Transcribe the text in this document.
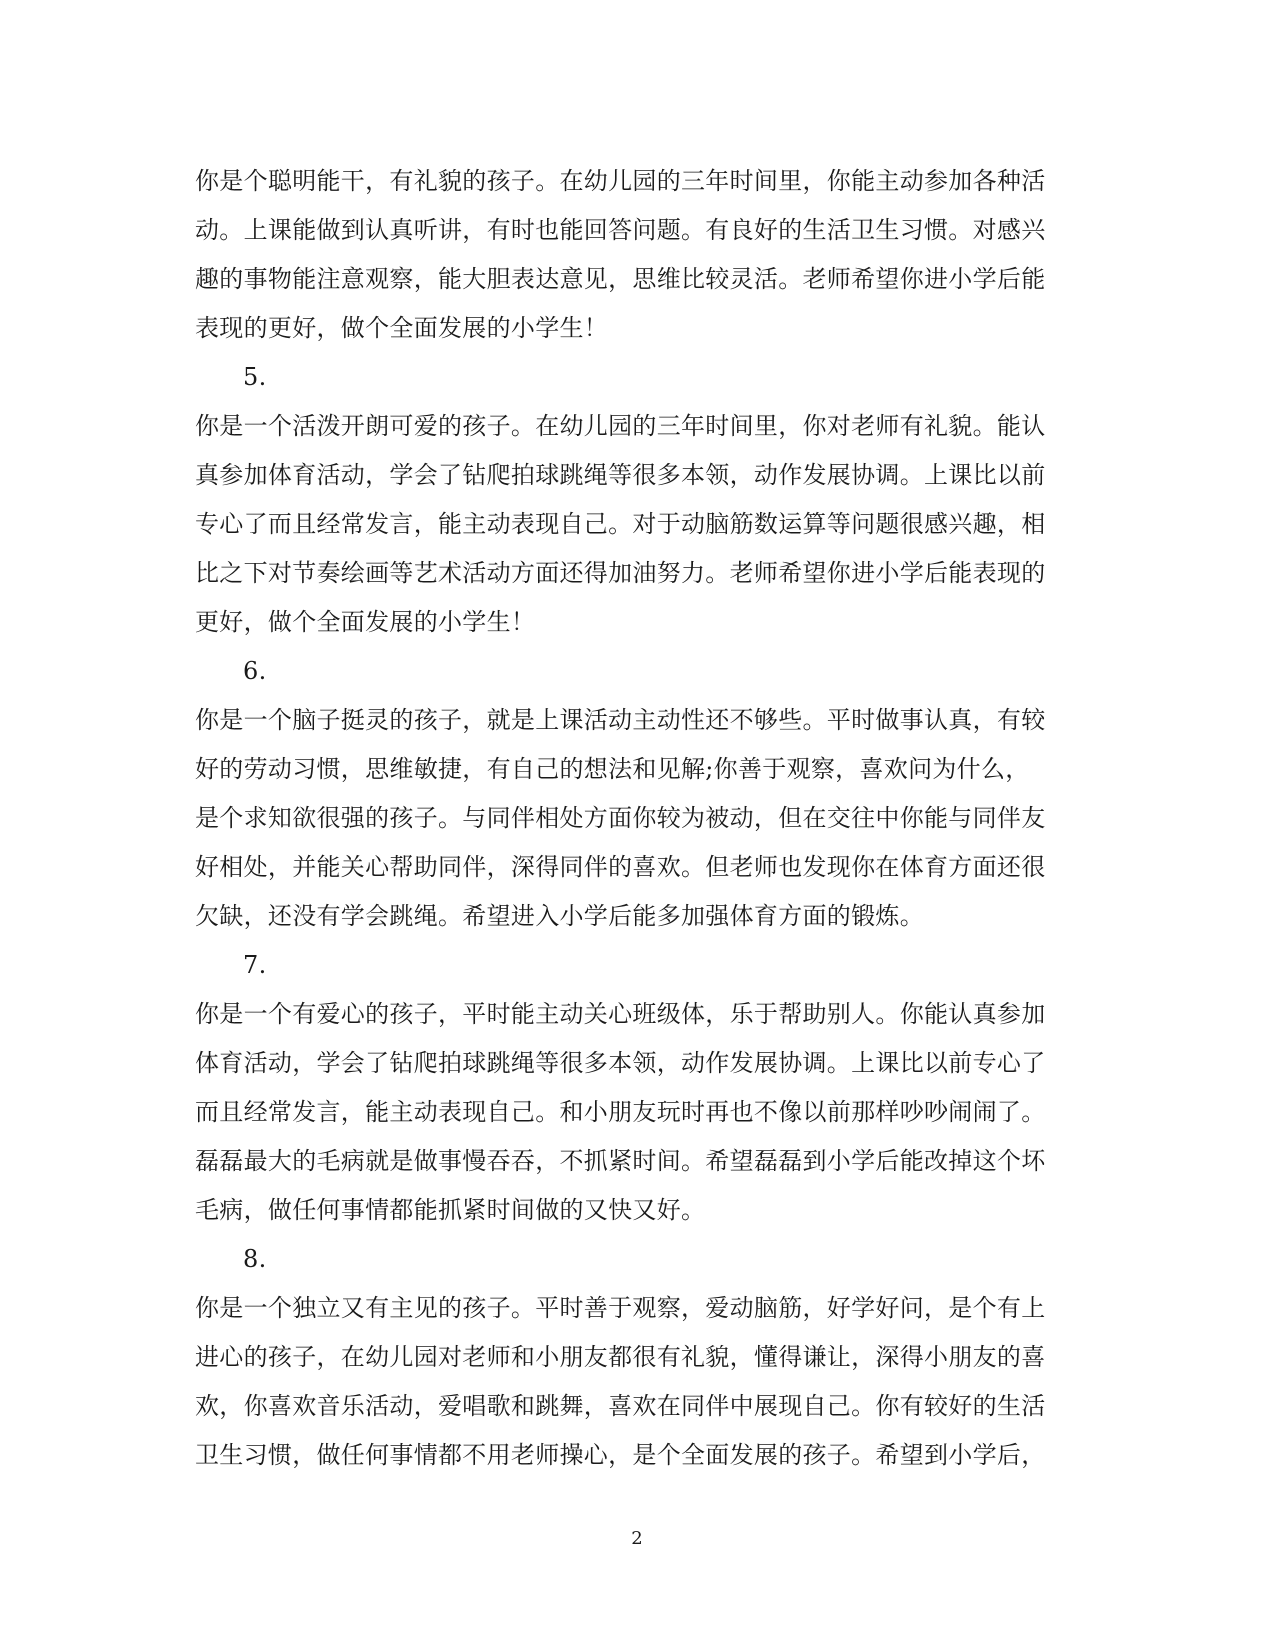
你是个聪明能干，有礼貌的孩子。在幼儿园的三年时间里，你能主动参加各种活
动。上课能做到认真听讲，有时也能回答问题。有良好的生活卫生习惯。对感兴
趣的事物能注意观察，能大胆表达意见，思维比较灵活。老师希望你进小学后能
表现的更好，做个全面发展的小学生！
5.
你是一个活泼开朗可爱的孩子。在幼儿园的三年时间里，你对老师有礼貌。能认
真参加体育活动，学会了钻爬拍球跳绳等很多本领，动作发展协调。上课比以前
专心了而且经常发言，能主动表现自己。对于动脑筋数运算等问题很感兴趣，相
比之下对节奏绘画等艺术活动方面还得加油努力。老师希望你进小学后能表现的
更好，做个全面发展的小学生！
6.
你是一个脑子挺灵的孩子，就是上课活动主动性还不够些。平时做事认真，有较
好的劳动习惯，思维敏捷，有自己的想法和见解;你善于观察，喜欢问为什么，
是个求知欲很强的孩子。与同伴相处方面你较为被动，但在交往中你能与同伴友
好相处，并能关心帮助同伴，深得同伴的喜欢。但老师也发现你在体育方面还很
欠缺，还没有学会跳绳。希望进入小学后能多加强体育方面的锻炼。
7.
你是一个有爱心的孩子，平时能主动关心班级体，乐于帮助别人。你能认真参加
体育活动，学会了钻爬拍球跳绳等很多本领，动作发展协调。上课比以前专心了
而且经常发言，能主动表现自己。和小朋友玩时再也不像以前那样吵吵闹闹了。
磊磊最大的毛病就是做事慢吞吞，不抓紧时间。希望磊磊到小学后能改掉这个坏
毛病，做任何事情都能抓紧时间做的又快又好。
8.
你是一个独立又有主见的孩子。平时善于观察，爱动脑筋，好学好问，是个有上
进心的孩子，在幼儿园对老师和小朋友都很有礼貌，懂得谦让，深得小朋友的喜
欢，你喜欢音乐活动，爱唱歌和跳舞，喜欢在同伴中展现自己。你有较好的生活
卫生习惯，做任何事情都不用老师操心，是个全面发展的孩子。希望到小学后，
2
